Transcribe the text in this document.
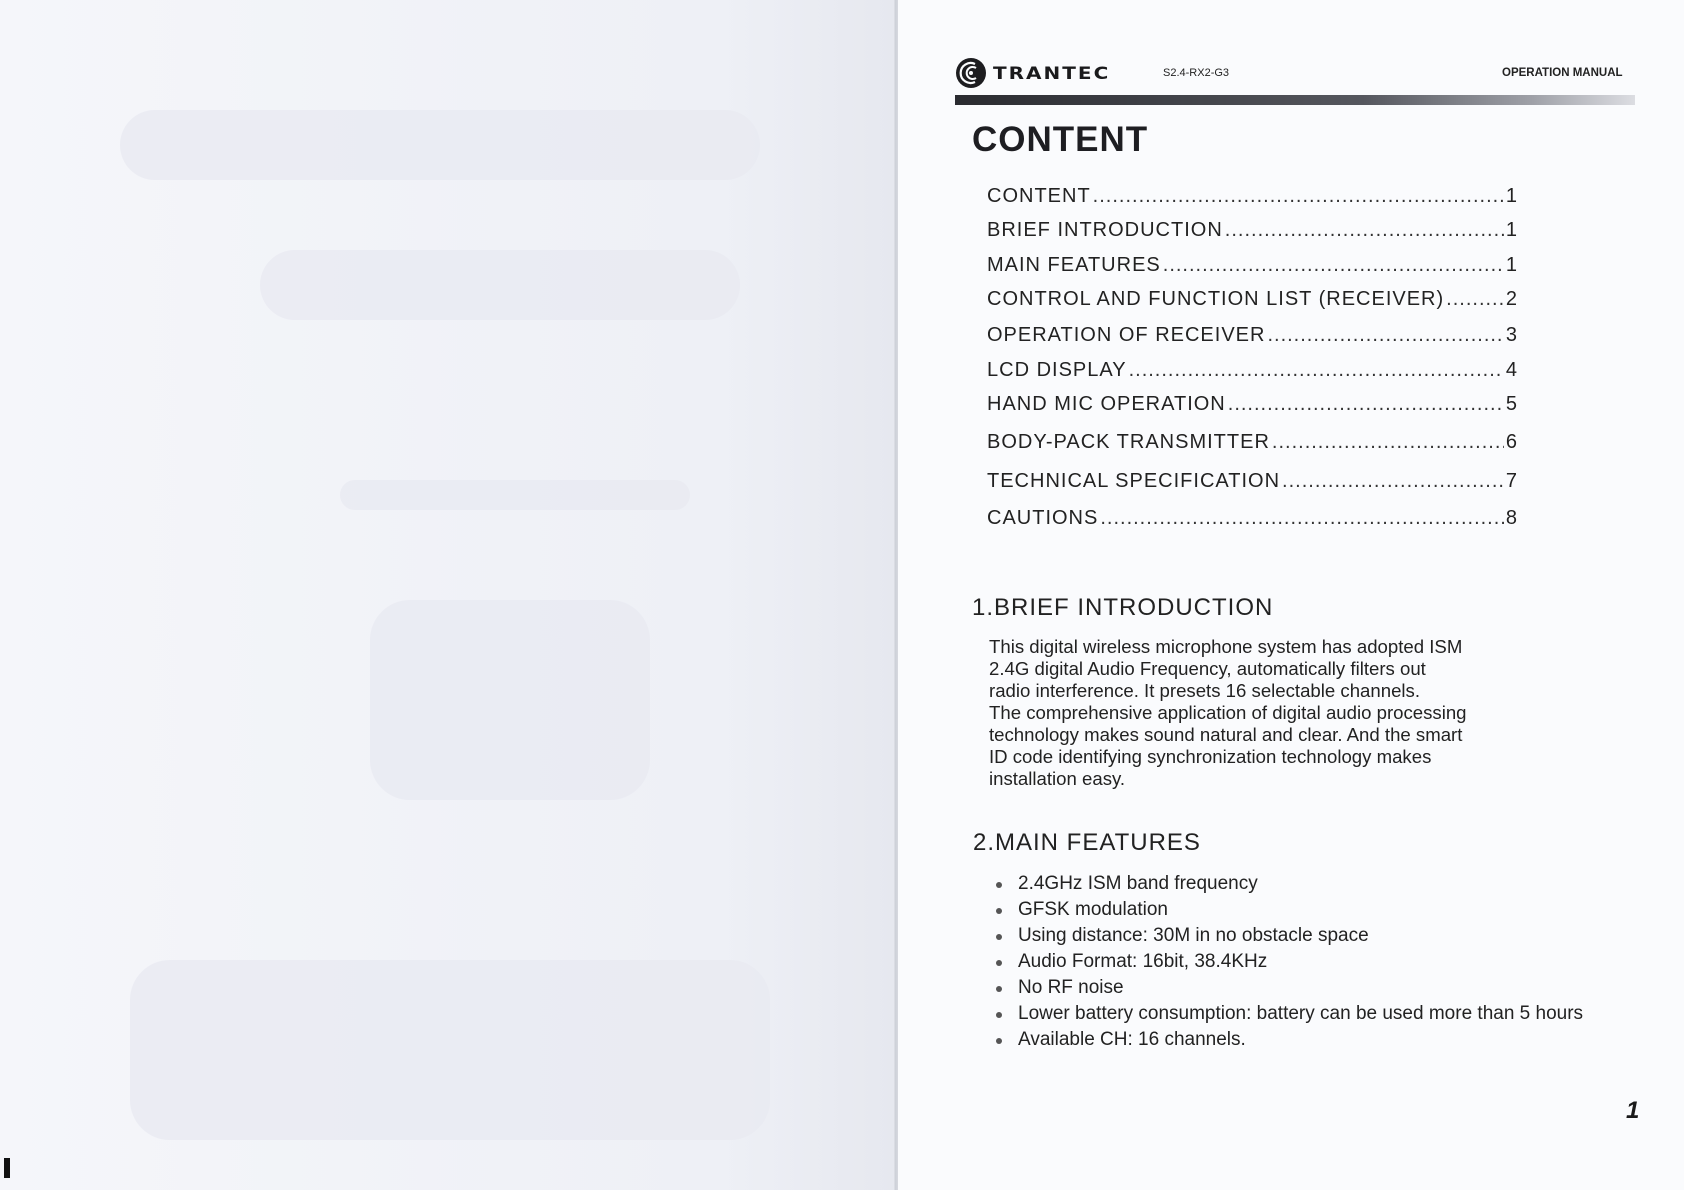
TRANTEC	S2.4-RX2-G3	OPERATION MANUAL
CONTENT
CONTENT .....	1
BRIEF INTRODUCTION .....	1
MAIN FEATURES .....	1
CONTROL AND FUNCTION LIST (RECEIVER) .....	2
OPERATION OF RECEIVER .....	3
LCD DISPLAY .....	4
HAND MIC OPERATION .....	5
BODY-PACK TRANSMITTER .....	6
TECHNICAL SPECIFICATION .....	7
CAUTIONS .....	8
1.BRIEF INTRODUCTION
This digital wireless microphone system has adopted ISM
2.4G digital Audio Frequency, automatically filters out
radio interference. It presets 16 selectable channels.
The comprehensive application of digital audio processing
technology makes sound natural and clear. And the smart
ID code identifying synchronization technology makes
installation easy.
2.MAIN FEATURES
2.4GHz ISM band frequency
GFSK modulation
Using distance: 30M in no obstacle space
Audio Format: 16bit, 38.4KHz
No RF noise
Lower battery consumption: battery can be used more than 5 hours
Available CH: 16 channels.
1
